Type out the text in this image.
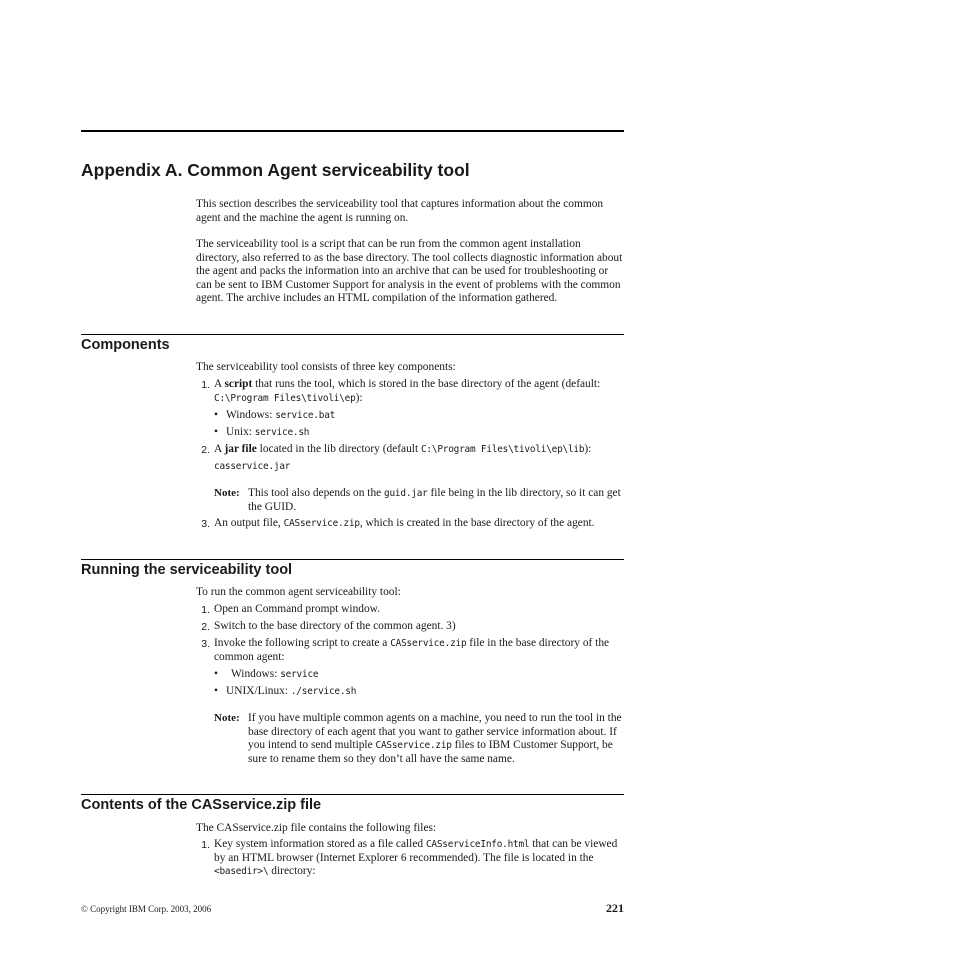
Appendix A. Common Agent serviceability tool
This section describes the serviceability tool that captures information about the common agent and the machine the agent is running on.
The serviceability tool is a script that can be run from the common agent installation directory, also referred to as the base directory. The tool collects diagnostic information about the agent and packs the information into an archive that can be used for troubleshooting or can be sent to IBM Customer Support for analysis in the event of problems with the common agent. The archive includes an HTML compilation of the information gathered.
Components
The serviceability tool consists of three key components:
1. A script that runs the tool, which is stored in the base directory of the agent (default: C:\Program Files\tivoli\ep):
• Windows: service.bat
• Unix: service.sh
2. A jar file located in the lib directory (default C:\Program Files\tivoli\ep\lib):
casservice.jar
Note: This tool also depends on the guid.jar file being in the lib directory, so it can get the GUID.
3. An output file, CASservice.zip, which is created in the base directory of the agent.
Running the serviceability tool
To run the common agent serviceability tool:
1. Open an Command prompt window.
2. Switch to the base directory of the common agent. 3)
3. Invoke the following script to create a CASservice.zip file in the base directory of the common agent:
• Windows: service
• UNIX/Linux: ./service.sh
Note: If you have multiple common agents on a machine, you need to run the tool in the base directory of each agent that you want to gather service information about. If you intend to send multiple CASservice.zip files to IBM Customer Support, be sure to rename them so they don’t all have the same name.
Contents of the CASservice.zip file
The CASservice.zip file contains the following files:
1. Key system information stored as a file called CASserviceInfo.html that can be viewed by an HTML browser (Internet Explorer 6 recommended). The file is located in the <basedir>\ directory:
© Copyright IBM Corp. 2003, 2006	221
